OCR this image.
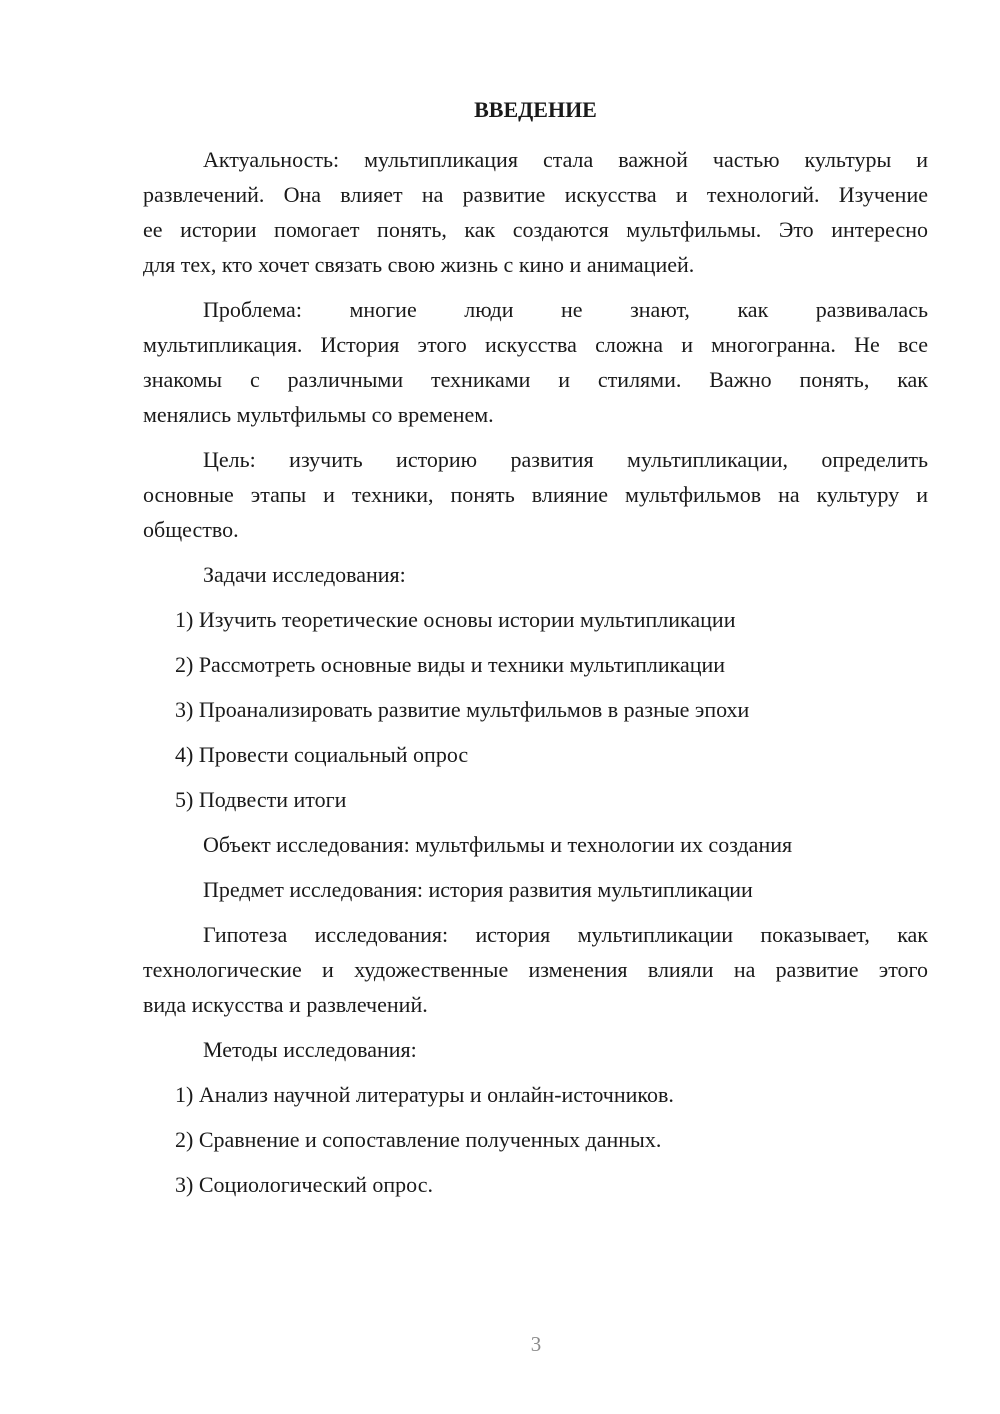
ВВЕДЕНИЕ
Актуальность: мультипликация стала важной частью культуры и
развлечений. Она влияет на развитие искусства и технологий. Изучение
ее истории помогает понять, как создаются мультфильмы. Это интересно
для тех, кто хочет связать свою жизнь с кино и анимацией.
Проблема: многие люди не знают, как развивалась
мультипликация. История этого искусства сложна и многогранна. Не все
знакомы с различными техниками и стилями. Важно понять, как
менялись мультфильмы со временем.
Цель: изучить историю развития мультипликации, определить
основные этапы и техники, понять влияние мультфильмов на культуру и
общество.
Задачи исследования:
1) Изучить теоретические основы истории мультипликации
2) Рассмотреть основные виды и техники мультипликации
3) Проанализировать развитие мультфильмов в разные эпохи
4) Провести социальный опрос
5) Подвести итоги
Объект исследования: мультфильмы и технологии их создания
Предмет исследования: история развития мультипликации
Гипотеза исследования: история мультипликации показывает, как
технологические и художественные изменения влияли на развитие этого
вида искусства и развлечений.
Методы исследования:
1) Анализ научной литературы и онлайн-источников.
2) Сравнение и сопоставление полученных данных.
3) Социологический опрос.
3
